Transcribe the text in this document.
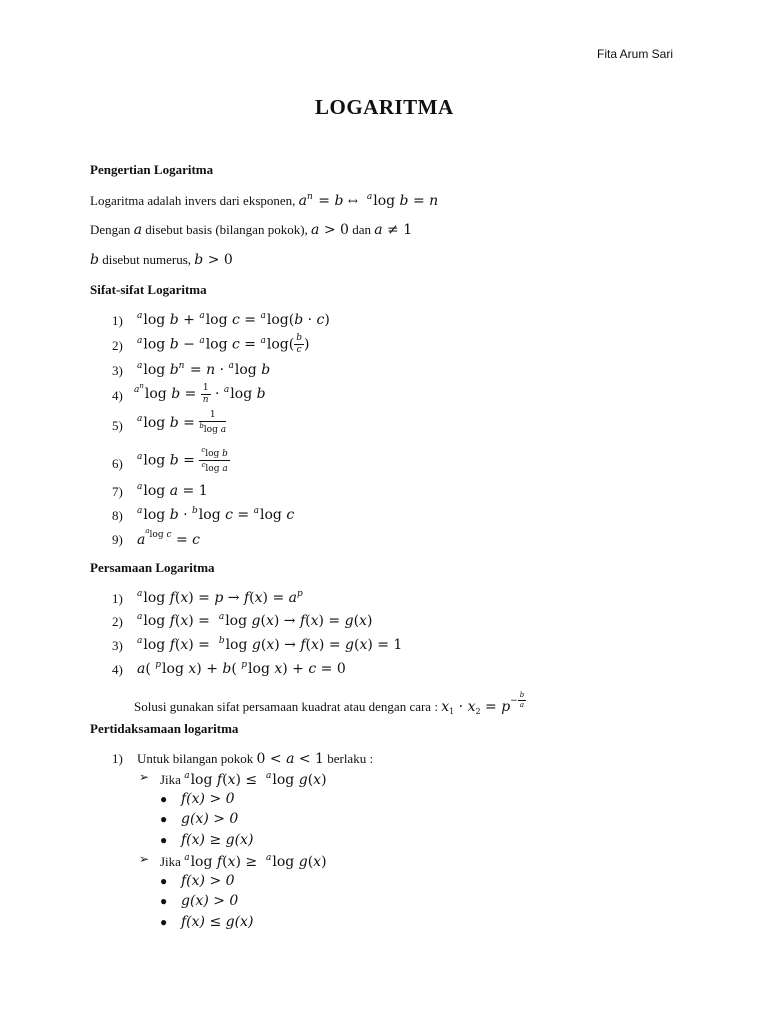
Fita Arum Sari
LOGARITMA
Pengertian Logaritma
Logaritma adalah invers dari eksponen, $a^n = b$ ↔ $^a$log b = n
Dengan a disebut basis (bilangan pokok), a > 0 dan a ≠ 1
b disebut numerus, b > 0
Sifat-sifat Logaritma
1) $^a$log b + $^a$log c = $^a$log(b · c)
2) $^a$log b − $^a$log $c = ^a\log( \frac{b}{c}$ )
3) $^a$log $b^n = n \cdot ^a\log$ b
4) $^{a^n}$log $b = \frac{1}{n} \cdot ^a\log$ b
5) $^a$log $b = \frac{1}{^b\log a}$
6) $^a$log $b = \frac{^c\log b}{^c\log a}$
7) $^a$log a = 1
8) $^a$log b · $^b$log c = $^a$log c
9) $a^{^alog c} = c$
Persamaan Logaritma
1) $^a$log $f(x) = p \to f(x) = a^p$
2) $^a$log f(x) =  $^a$log g(x) → f(x) = g(x)
3) $^a$log f(x) =  $^b$log g(x) → f(x) = g(x) = 1
4) a( $^p$log x) + b( $^p$log x) + c = 0
Solusi gunakan sifat persamaan kuadrat atau dengan cara : $x_1 \cdot x_2 = p^{- \frac{b}{a}}$
Pertidaksamaan logaritma
1) Untuk bilangan pokok 0 < a < 1 berlaku :
➢ Jika $^a$log f(x) ≤  $^a$log g(x)
● f(x) > 0
● g(x) > 0
● f(x) ≥ g(x)
➢ Jika $^a$log f(x) ≥  $^a$log g(x)
● f(x) > 0
● g(x) > 0
● f(x) ≤ g(x)
